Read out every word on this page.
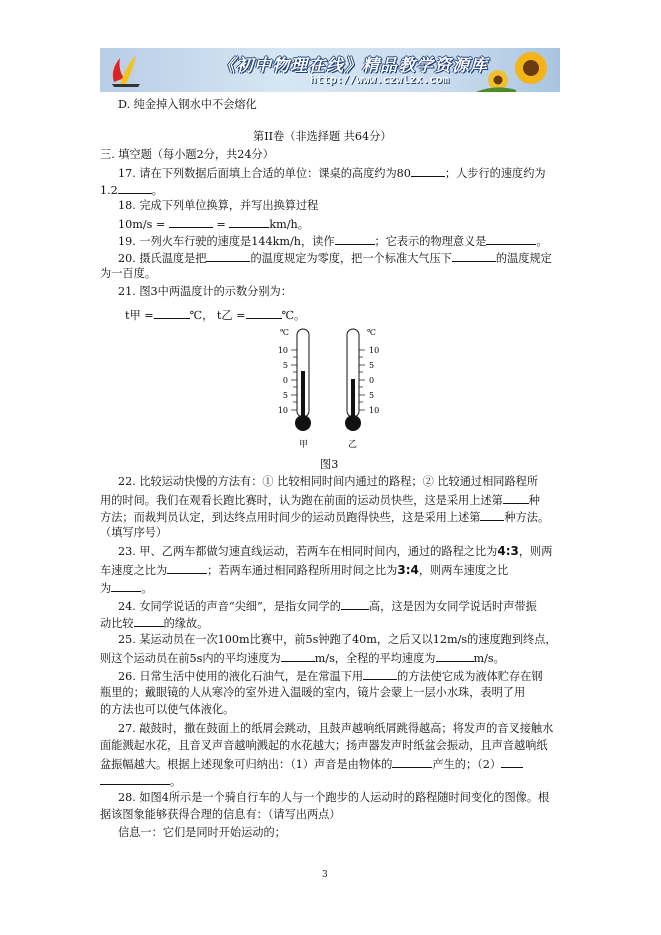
《初中物理在线》精品教学资源库
http://www.czwlzx.com
D. 纯金掉入钢水中不会熔化
第II卷（非选择题 共64分）
三. 填空题（每小题2分，共24分）
17. 请在下列数据后面填上合适的单位：课桌的高度约为80	；人步行的速度约为
1.2	。
18. 完成下列单位换算，并写出换算过程
10m/s =	=	km/h。
19. 一列火车行驶的速度是144km/h，读作	；它表示的物理意义是	。
20. 摄氏温度是把	的温度规定为零度，把一个标准大气压下	的温度规定
为一百度。
21. 图3中两温度计的示数分别为：
t甲 =	℃， t乙 =	℃。
℃
10
5
0
5
10
甲
℃
10
5
0
5
10
乙
图3
22. 比较运动快慢的方法有：① 比较相同时间内通过的路程；② 比较通过相同路程所
用的时间。我们在观看长跑比赛时，认为跑在前面的运动员快些，这是采用上述第 种
方法；而裁判员认定，到达终点用时间少的运动员跑得快些，这是采用上述第 种方法。
（填写序号）
23. 甲、乙两车都做匀速直线运动，若两车在相同时间内，通过的路程之比为4:3，则两
车速度之比为	；若两车通过相同路程所用时间之比为3:4，则两车速度之比
为	。
24. 女同学说话的声音“尖细”，是指女同学的	高，这是因为女同学说话时声带振
动比较	的缘故。
25. 某运动员在一次100m比赛中，前5s钟跑了40m，之后又以12m/s的速度跑到终点，
则这个运动员在前5s内的平均速度为	m/s，全程的平均速度为	m/s。
26. 日常生活中使用的液化石油气，是在常温下用	的方法使它成为液体贮存在钢
瓶里的；戴眼镜的人从寒冷的室外进入温暖的室内，镜片会蒙上一层小水珠，表明了用
的方法也可以使气体液化。
27. 敲鼓时，撒在鼓面上的纸屑会跳动，且鼓声越响纸屑跳得越高；将发声的音叉接触水
面能溅起水花，且音叉声音越响溅起的水花越大；扬声器发声时纸盆会振动，且声音越响纸
盆振幅越大。根据上述现象可归纳出：（1）声音是由物体的	产生的；（2）
。
28. 如图4所示是一个骑自行车的人与一个跑步的人运动时的路程随时间变化的图像。根
据该图象能够获得合理的信息有：（请写出两点）
信息一：它们是同时开始运动的；
3
